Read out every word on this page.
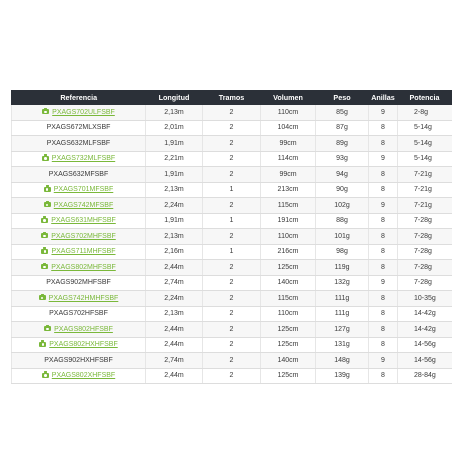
Referencia	Longitud	Tramos	Volumen	Peso	Anillas	Potencia
PXAGS702ULFSBF	2,13m	2	110cm	85g	9	2-8g
PXAGS672MLXSBF	2,01m	2	104cm	87g	8	5-14g
PXAGS632MLFSBF	1,91m	2	99cm	89g	8	5-14g
PXAGS732MLFSBF	2,21m	2	114cm	93g	9	5-14g
PXAGS632MFSBF	1,91m	2	99cm	94g	8	7-21g
PXAGS701MFSBF	2,13m	1	213cm	90g	8	7-21g
PXAGS742MFSBF	2,24m	2	115cm	102g	9	7-21g
PXAGS631MHFSBF	1,91m	1	191cm	88g	8	7-28g
PXAGS702MHFSBF	2,13m	2	110cm	101g	8	7-28g
PXAGS711MHFSBF	2,16m	1	216cm	98g	8	7-28g
PXAGS802MHFSBF	2,44m	2	125cm	119g	8	7-28g
PXAGS902MHFSBF	2,74m	2	140cm	132g	9	7-28g
PXAGS742HMHFSBF	2,24m	2	115cm	111g	8	10-35g
PXAGS702HFSBF	2,13m	2	110cm	111g	8	14-42g
PXAGS802HFSBF	2,44m	2	125cm	127g	8	14-42g
PXAGS802HXHFSBF	2,44m	2	125cm	131g	8	14-56g
PXAGS902HXHFSBF	2,74m	2	140cm	148g	9	14-56g
PXAGS802XHFSBF	2,44m	2	125cm	139g	8	28-84g
